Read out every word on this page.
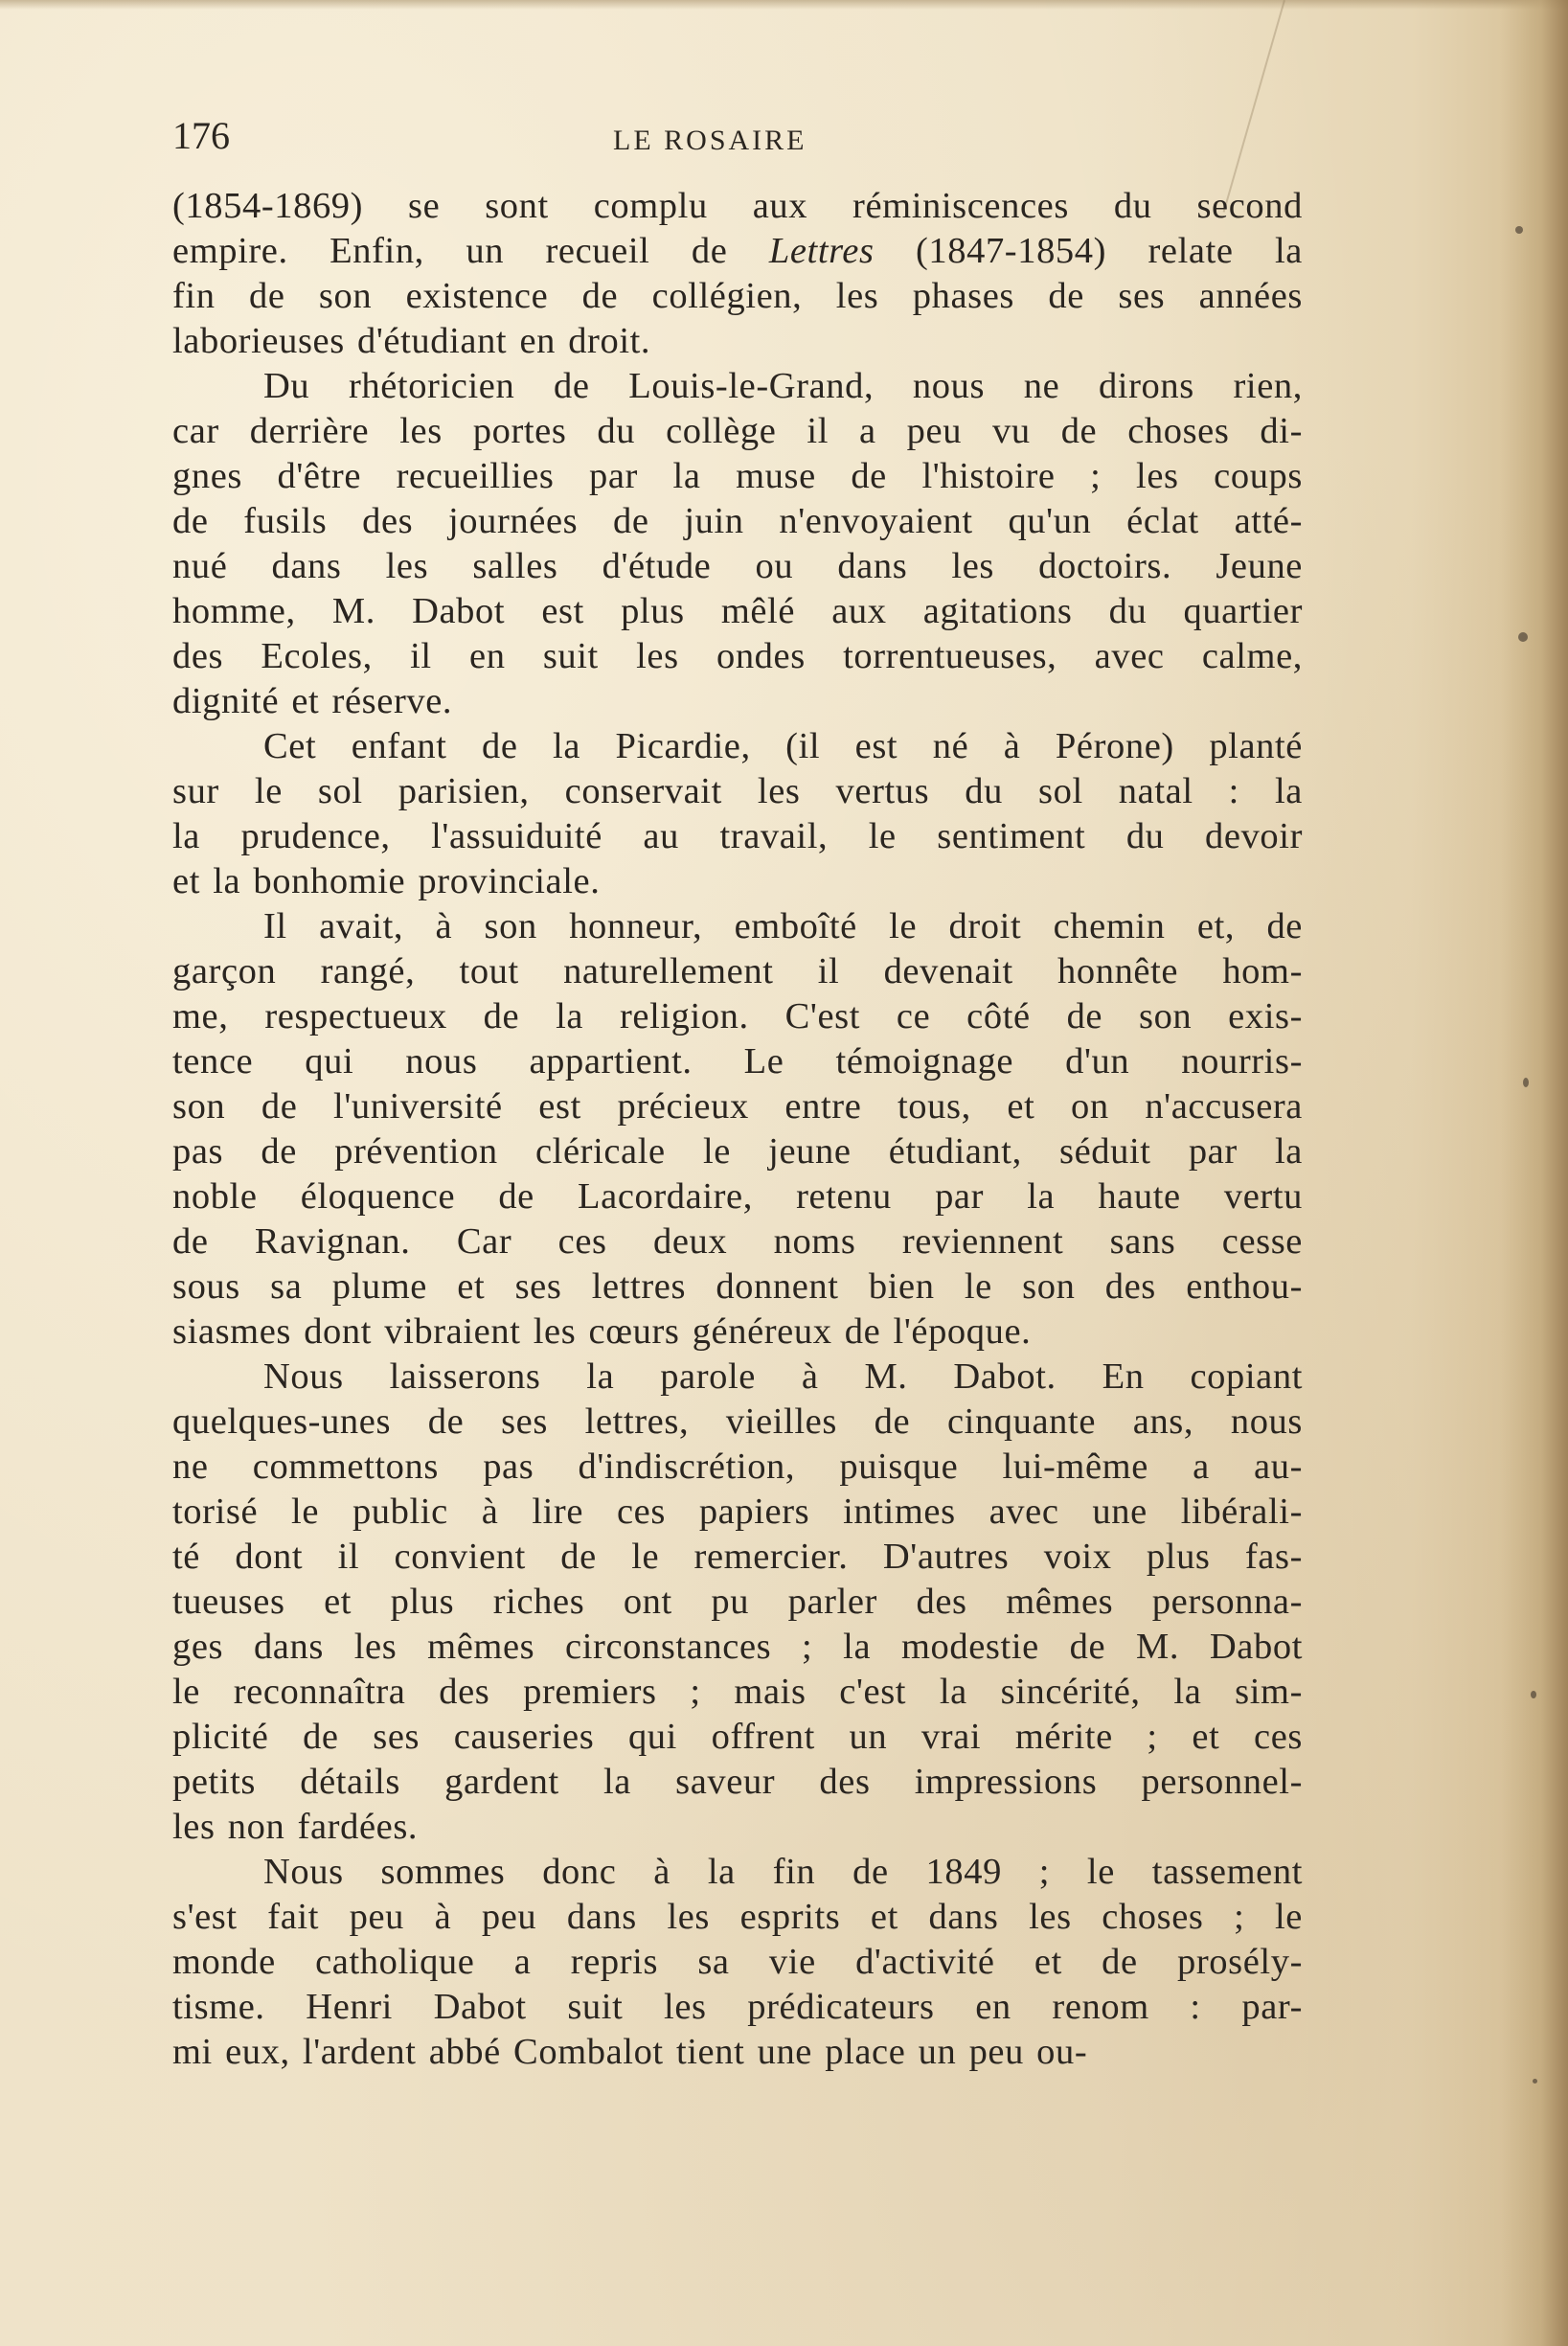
176	LE ROSAIRE
(1854-1869) se sont complu aux réminiscences du second
empire. Enfin, un recueil de Lettres (1847-1854) relate la
fin de son existence de collégien, les phases de ses années
laborieuses d'étudiant en droit.
Du rhétoricien de Louis-le-Grand, nous ne dirons rien,
car derrière les portes du collège il a peu vu de choses di-
gnes d'être recueillies par la muse de l'histoire ; les coups
de fusils des journées de juin n'envoyaient qu'un éclat atté-
nué dans les salles d'étude ou dans les doctoirs. Jeune
homme, M. Dabot est plus mêlé aux agitations du quartier
des Ecoles, il en suit les ondes torrentueuses, avec calme,
dignité et réserve.
Cet enfant de la Picardie, (il est né à Pérone) planté
sur le sol parisien, conservait les vertus du sol natal : la
la prudence, l'assuiduité au travail, le sentiment du devoir
et la bonhomie provinciale.
Il avait, à son honneur, emboîté le droit chemin et, de
garçon rangé, tout naturellement il devenait honnête hom-
me, respectueux de la religion. C'est ce côté de son exis-
tence qui nous appartient. Le témoignage d'un nourris-
son de l'université est précieux entre tous, et on n'accusera
pas de prévention cléricale le jeune étudiant, séduit par la
noble éloquence de Lacordaire, retenu par la haute vertu
de Ravignan. Car ces deux noms reviennent sans cesse
sous sa plume et ses lettres donnent bien le son des enthou-
siasmes dont vibraient les cœurs généreux de l'époque.
Nous laisserons la parole à M. Dabot. En copiant
quelques-unes de ses lettres, vieilles de cinquante ans, nous
ne commettons pas d'indiscrétion, puisque lui-même a au-
torisé le public à lire ces papiers intimes avec une libérali-
té dont il convient de le remercier. D'autres voix plus fas-
tueuses et plus riches ont pu parler des mêmes personna-
ges dans les mêmes circonstances ; la modestie de M. Dabot
le reconnaîtra des premiers ; mais c'est la sincérité, la sim-
plicité de ses causeries qui offrent un vrai mérite ; et ces
petits détails gardent la saveur des impressions personnel-
les non fardées.
Nous sommes donc à la fin de 1849 ; le tassement
s'est fait peu à peu dans les esprits et dans les choses ; le
monde catholique a repris sa vie d'activité et de prosély-
tisme. Henri Dabot suit les prédicateurs en renom : par-
mi eux, l'ardent abbé Combalot tient une place un peu ou-
